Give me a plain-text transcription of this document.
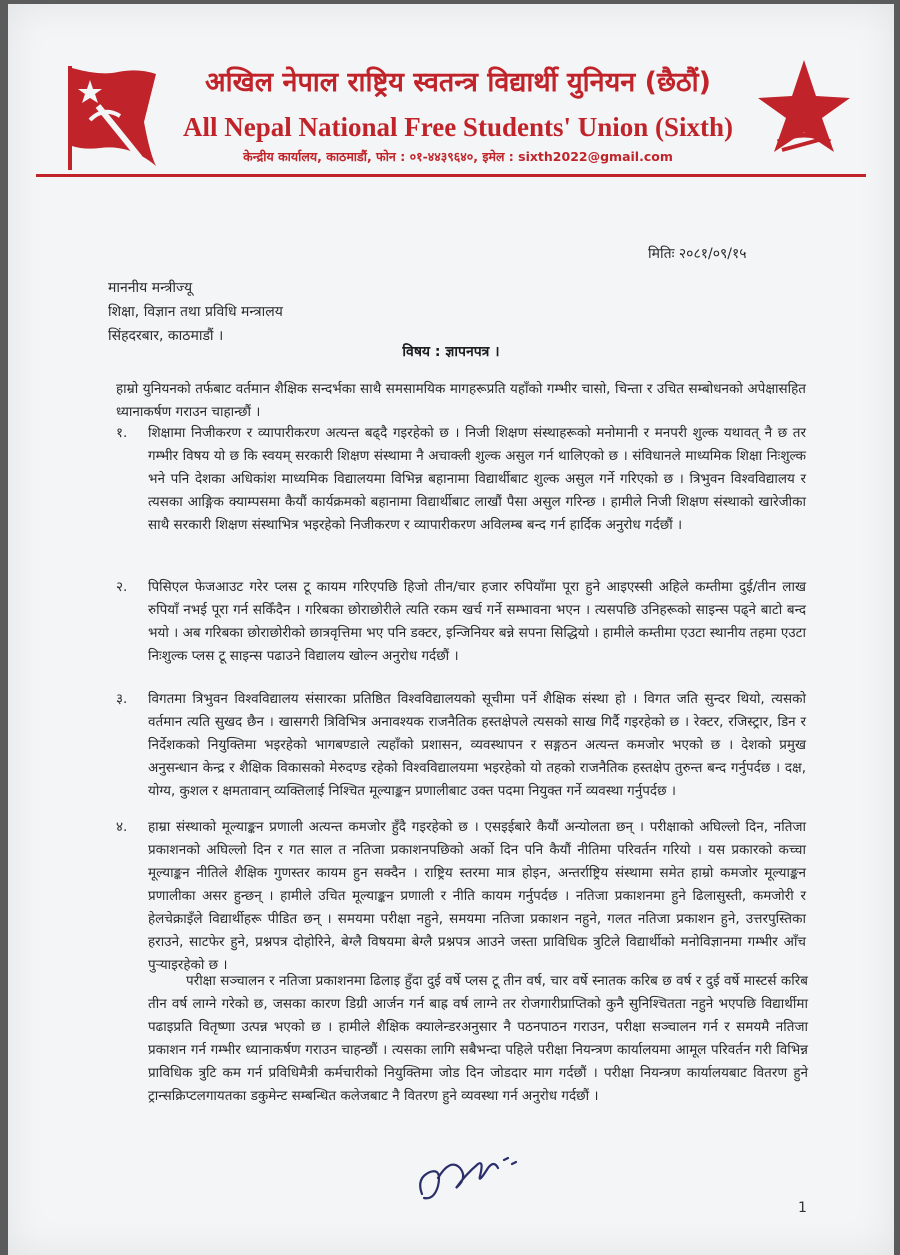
अखिल नेपाल राष्ट्रिय स्वतन्त्र विद्यार्थी युनियन (छैठौं)
All Nepal National Free Students' Union (Sixth)
केन्द्रीय कार्यालय, काठमाडौं, फोन : ०१-४४३९६४०, इमेल : sixth2022@gmail.com
मितिः २०८१/०९/१५
माननीय मन्त्रीज्यू
शिक्षा, विज्ञान तथा प्रविधि मन्त्रालय
सिंहदरबार, काठमाडौं ।
विषय : ज्ञापनपत्र ।
हाम्रो युनियनको तर्फबाट वर्तमान शैक्षिक सन्दर्भका साथै समसामयिक मागहरूप्रति यहाँको गम्भीर चासो, चिन्ता र उचित सम्बोधनको अपेक्षासहित ध्यानाकर्षण गराउन चाहान्छौं ।
१.	शिक्षामा निजीकरण र व्यापारीकरण अत्यन्त बढ्दै गइरहेको छ । निजी शिक्षण संस्थाहरूको मनोमानी र मनपरी शुल्क यथावत् नै छ तर गम्भीर विषय यो छ कि स्वयम् सरकारी शिक्षण संस्थामा नै अचाक्ली शुल्क असुल गर्न थालिएको छ । संविधानले माध्यमिक शिक्षा निःशुल्क भने पनि देशका अधिकांश माध्यमिक विद्यालयमा विभिन्न बहानामा विद्यार्थीबाट शुल्क असुल गर्ने गरिएको छ । त्रिभुवन विश्वविद्यालय र त्यसका आङ्गिक क्याम्पसमा कैयौं कार्यक्रमको बहानामा विद्यार्थीबाट लाखौं पैसा असुल गरिन्छ । हामीले निजी शिक्षण संस्थाको खारेजीका साथै सरकारी शिक्षण संस्थाभित्र भइरहेको निजीकरण र व्यापारीकरण अविलम्ब बन्द गर्न हार्दिक अनुरोध गर्दछौं ।
२.	पिसिएल फेजआउट गरेर प्लस टू कायम गरिएपछि हिजो तीन/चार हजार रुपियाँमा पूरा हुने आइएस्सी अहिले कम्तीमा दुई/तीन लाख रुपियाँ नभई पूरा गर्न सकिँदैन । गरिबका छोराछोरीले त्यति रकम खर्च गर्ने सम्भावना भएन । त्यसपछि उनिहरूको साइन्स पढ्ने बाटो बन्द भयो । अब गरिबका छोराछोरीको छात्रवृत्तिमा भए पनि डक्टर, इन्जिनियर बन्ने सपना सिद्धियो । हामीले कम्तीमा एउटा स्थानीय तहमा एउटा निःशुल्क प्लस टू साइन्स पढाउने विद्यालय खोल्न अनुरोध गर्दछौं ।
३.	विगतमा त्रिभुवन विश्वविद्यालय संसारका प्रतिष्ठित विश्वविद्यालयको सूचीमा पर्ने शैक्षिक संस्था हो । विगत जति सुन्दर थियो, त्यसको वर्तमान त्यति सुखद छैन । खासगरी त्रिविभित्र अनावश्यक राजनैतिक हस्तक्षेपले त्यसको साख गिर्दै गइरहेको छ । रेक्टर, रजिस्ट्रार, डिन र निर्देशकको नियुक्तिमा भइरहेको भागबण्डाले त्यहाँको प्रशासन, व्यवस्थापन र सङ्गठन अत्यन्त कमजोर भएको छ । देशको प्रमुख अनुसन्धान केन्द्र र शैक्षिक विकासको मेरुदण्ड रहेको विश्वविद्यालयमा भइरहेको यो तहको राजनैतिक हस्तक्षेप तुरुन्त बन्द गर्नुपर्दछ । दक्ष, योग्य, कुशल र क्षमतावान् व्यक्तिलाई निश्चित मूल्याङ्कन प्रणालीबाट उक्त पदमा नियुक्त गर्ने व्यवस्था गर्नुपर्दछ ।
४.	हाम्रा संस्थाको मूल्याङ्कन प्रणाली अत्यन्त कमजोर हुँदै गइरहेको छ । एसइईबारे कैयौं अन्योलता छन् । परीक्षाको अघिल्लो दिन, नतिजा प्रकाशनको अघिल्लो दिन र गत साल त नतिजा प्रकाशनपछिको अर्को दिन पनि कैयौं नीतिमा परिवर्तन गरियो । यस प्रकारको कच्चा मूल्याङ्कन नीतिले शैक्षिक गुणस्तर कायम हुन सक्दैन । राष्ट्रिय स्तरमा मात्र होइन, अन्तर्राष्ट्रिय संस्थामा समेत हाम्रो कमजोर मूल्याङ्कन प्रणालीका असर हुन्छन् । हामीले उचित मूल्याङ्कन प्रणाली र नीति कायम गर्नुपर्दछ । नतिजा प्रकाशनमा हुने ढिलासुस्ती, कमजोरी र हेलचेक्राइँले विद्यार्थीहरू पीडित छन् । समयमा परीक्षा नहुने, समयमा नतिजा प्रकाशन नहुने, गलत नतिजा प्रकाशन हुने, उत्तरपुस्तिका हराउने, साटफेर हुने, प्रश्नपत्र दोहोरिने, बेग्लै विषयमा बेग्लै प्रश्नपत्र आउने जस्ता प्राविधिक त्रुटिले विद्यार्थीको मनोविज्ञानमा गम्भीर आँच पुऱ्याइरहेको छ ।
परीक्षा सञ्चालन र नतिजा प्रकाशनमा ढिलाइ हुँदा दुई वर्षे प्लस टू तीन वर्ष, चार वर्षे स्नातक करिब छ वर्ष र दुई वर्षे मास्टर्स करिब तीन वर्ष लाग्ने गरेको छ, जसका कारण डिग्री आर्जन गर्न बाह्र वर्ष लाग्ने तर रोजगारीप्राप्तिको कुनै सुनिश्चितता नहुने भएपछि विद्यार्थीमा पढाइप्रति वितृष्णा उत्पन्न भएको छ । हामीले शैक्षिक क्यालेन्डरअनुसार नै पठनपाठन गराउन, परीक्षा सञ्चालन गर्न र समयमै नतिजा प्रकाशन गर्न गम्भीर ध्यानाकर्षण गराउन चाहन्छौं । त्यसका लागि सबैभन्दा पहिले परीक्षा नियन्त्रण कार्यालयमा आमूल परिवर्तन गरी विभिन्न प्राविधिक त्रुटि कम गर्न प्रविधिमैत्री कर्मचारीको नियुक्तिमा जोड दिन जोडदार माग गर्दछौं । परीक्षा नियन्त्रण कार्यालयबाट वितरण हुने ट्रान्सक्रिप्टलगायतका डकुमेन्ट सम्बन्धित कलेजबाट नै वितरण हुने व्यवस्था गर्न अनुरोध गर्दछौं ।
1
